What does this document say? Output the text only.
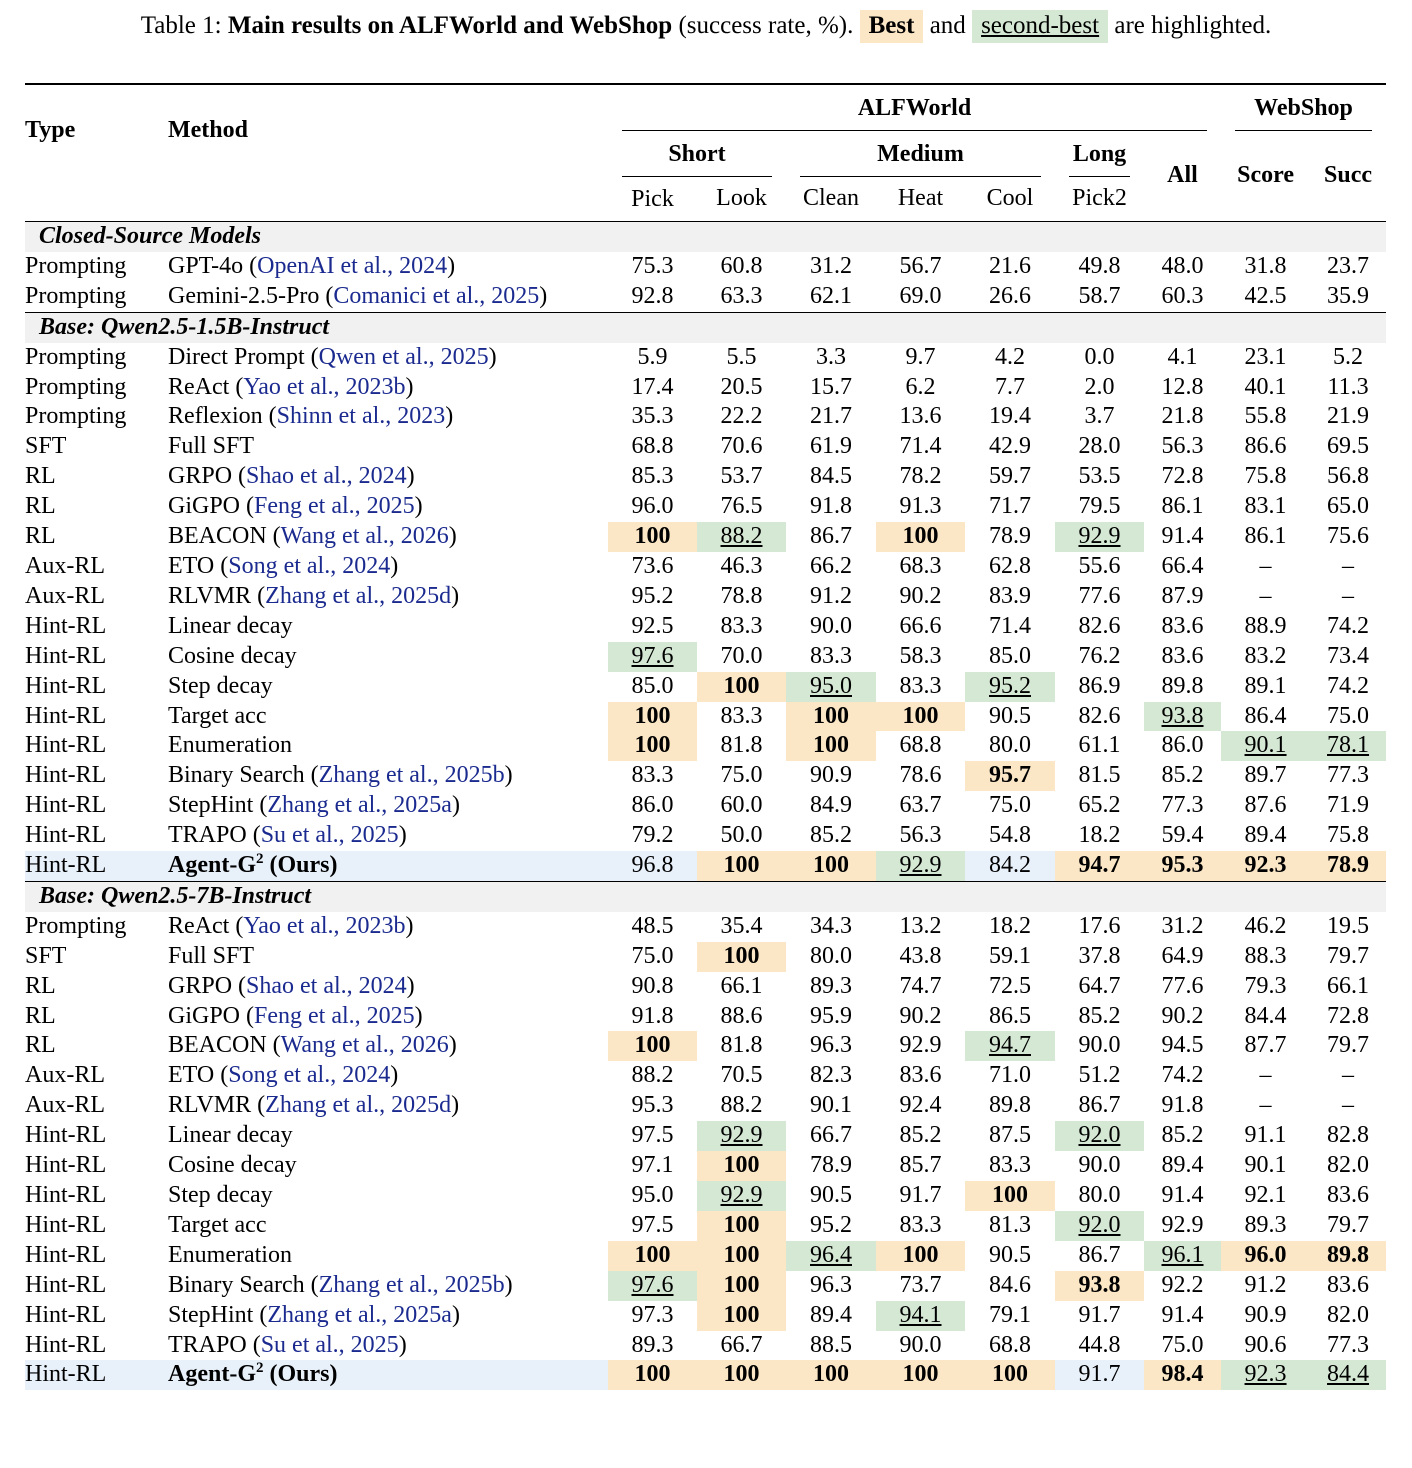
Table 1: Main results on ALFWorld and WebShop (success rate, %). Best and second-best are highlighted.
Type	Method	ALFWorld							WebShop	
		Short		Medium			Long	All	Score	Succ
		Pick	Look	Clean	Heat	Cool	Pick2			
Closed-Source Models										
Prompting	GPT-4o (OpenAI et al., 2024)	75.3	60.8	31.2	56.7	21.6	49.8	48.0	31.8	23.7
Prompting	Gemini-2.5-Pro (Comanici et al., 2025)	92.8	63.3	62.1	69.0	26.6	58.7	60.3	42.5	35.9
Base: Qwen2.5-1.5B-Instruct										
Prompting	Direct Prompt (Qwen et al., 2025)	5.9	5.5	3.3	9.7	4.2	0.0	4.1	23.1	5.2
Prompting	ReAct (Yao et al., 2023b)	17.4	20.5	15.7	6.2	7.7	2.0	12.8	40.1	11.3
Prompting	Reflexion (Shinn et al., 2023)	35.3	22.2	21.7	13.6	19.4	3.7	21.8	55.8	21.9
SFT	Full SFT	68.8	70.6	61.9	71.4	42.9	28.0	56.3	86.6	69.5
RL	GRPO (Shao et al., 2024)	85.3	53.7	84.5	78.2	59.7	53.5	72.8	75.8	56.8
RL	GiGPO (Feng et al., 2025)	96.0	76.5	91.8	91.3	71.7	79.5	86.1	83.1	65.0
RL	BEACON (Wang et al., 2026)	100	88.2	86.7	100	78.9	92.9	91.4	86.1	75.6
Aux-RL	ETO (Song et al., 2024)	73.6	46.3	66.2	68.3	62.8	55.6	66.4	–	–
Aux-RL	RLVMR (Zhang et al., 2025d)	95.2	78.8	91.2	90.2	83.9	77.6	87.9	–	–
Hint-RL	Linear decay	92.5	83.3	90.0	66.6	71.4	82.6	83.6	88.9	74.2
Hint-RL	Cosine decay	97.6	70.0	83.3	58.3	85.0	76.2	83.6	83.2	73.4
Hint-RL	Step decay	85.0	100	95.0	83.3	95.2	86.9	89.8	89.1	74.2
Hint-RL	Target acc	100	83.3	100	100	90.5	82.6	93.8	86.4	75.0
Hint-RL	Enumeration	100	81.8	100	68.8	80.0	61.1	86.0	90.1	78.1
Hint-RL	Binary Search (Zhang et al., 2025b)	83.3	75.0	90.9	78.6	95.7	81.5	85.2	89.7	77.3
Hint-RL	StepHint (Zhang et al., 2025a)	86.0	60.0	84.9	63.7	75.0	65.2	77.3	87.6	71.9
Hint-RL	TRAPO (Su et al., 2025)	79.2	50.0	85.2	56.3	54.8	18.2	59.4	89.4	75.8
Hint-RL	Agent-$G^2$ (Ours)	96.8	100	100	92.9	84.2	94.7	95.3	92.3	78.9
Base: Qwen2.5-7B-Instruct										
Prompting	ReAct (Yao et al., 2023b)	48.5	35.4	34.3	13.2	18.2	17.6	31.2	46.2	19.5
SFT	Full SFT	75.0	100	80.0	43.8	59.1	37.8	64.9	88.3	79.7
RL	GRPO (Shao et al., 2024)	90.8	66.1	89.3	74.7	72.5	64.7	77.6	79.3	66.1
RL	GiGPO (Feng et al., 2025)	91.8	88.6	95.9	90.2	86.5	85.2	90.2	84.4	72.8
RL	BEACON (Wang et al., 2026)	100	81.8	96.3	92.9	94.7	90.0	94.5	87.7	79.7
Aux-RL	ETO (Song et al., 2024)	88.2	70.5	82.3	83.6	71.0	51.2	74.2	–	–
Aux-RL	RLVMR (Zhang et al., 2025d)	95.3	88.2	90.1	92.4	89.8	86.7	91.8	–	–
Hint-RL	Linear decay	97.5	92.9	66.7	85.2	87.5	92.0	85.2	91.1	82.8
Hint-RL	Cosine decay	97.1	100	78.9	85.7	83.3	90.0	89.4	90.1	82.0
Hint-RL	Step decay	95.0	92.9	90.5	91.7	100	80.0	91.4	92.1	83.6
Hint-RL	Target acc	97.5	100	95.2	83.3	81.3	92.0	92.9	89.3	79.7
Hint-RL	Enumeration	100	100	96.4	100	90.5	86.7	96.1	96.0	89.8
Hint-RL	Binary Search (Zhang et al., 2025b)	97.6	100	96.3	73.7	84.6	93.8	92.2	91.2	83.6
Hint-RL	StepHint (Zhang et al., 2025a)	97.3	100	89.4	94.1	79.1	91.7	91.4	90.9	82.0
Hint-RL	TRAPO (Su et al., 2025)	89.3	66.7	88.5	90.0	68.8	44.8	75.0	90.6	77.3
Hint-RL	Agent-$G^2$ (Ours)	100	100	100	100	100	91.7	98.4	92.3	84.4
